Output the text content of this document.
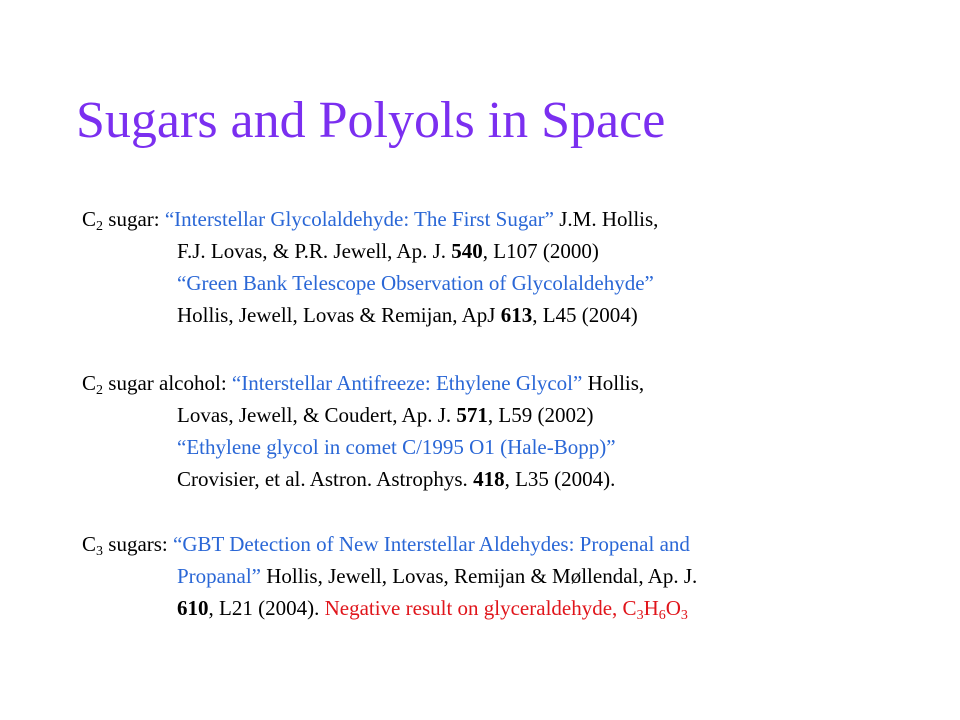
Sugars and Polyols in Space
$C_2$ sugar: “Interstellar Glycolaldehyde: The First Sugar” J.M. Hollis,
F.J. Lovas, & P.R. Jewell, Ap. J. 540, L107 (2000)
“Green Bank Telescope Observation of Glycolaldehyde”
Hollis, Jewell, Lovas & Remijan, ApJ 613, L45 (2004)
$C_2$ sugar alcohol: “Interstellar Antifreeze: Ethylene Glycol” Hollis,
Lovas, Jewell, & Coudert, Ap. J. 571, L59 (2002)
“Ethylene glycol in comet C/1995 O1 (Hale-Bopp)”
Crovisier, et al. Astron. Astrophys. 418, L35 (2004).
$C_3$ sugars: “GBT Detection of New Interstellar Aldehydes: Propenal and
Propanal” Hollis, Jewell, Lovas, Remijan & Møllendal, Ap. J.
610, L21 (2004). Negative result on glyceraldehyde, $C_3H_6O_3$
